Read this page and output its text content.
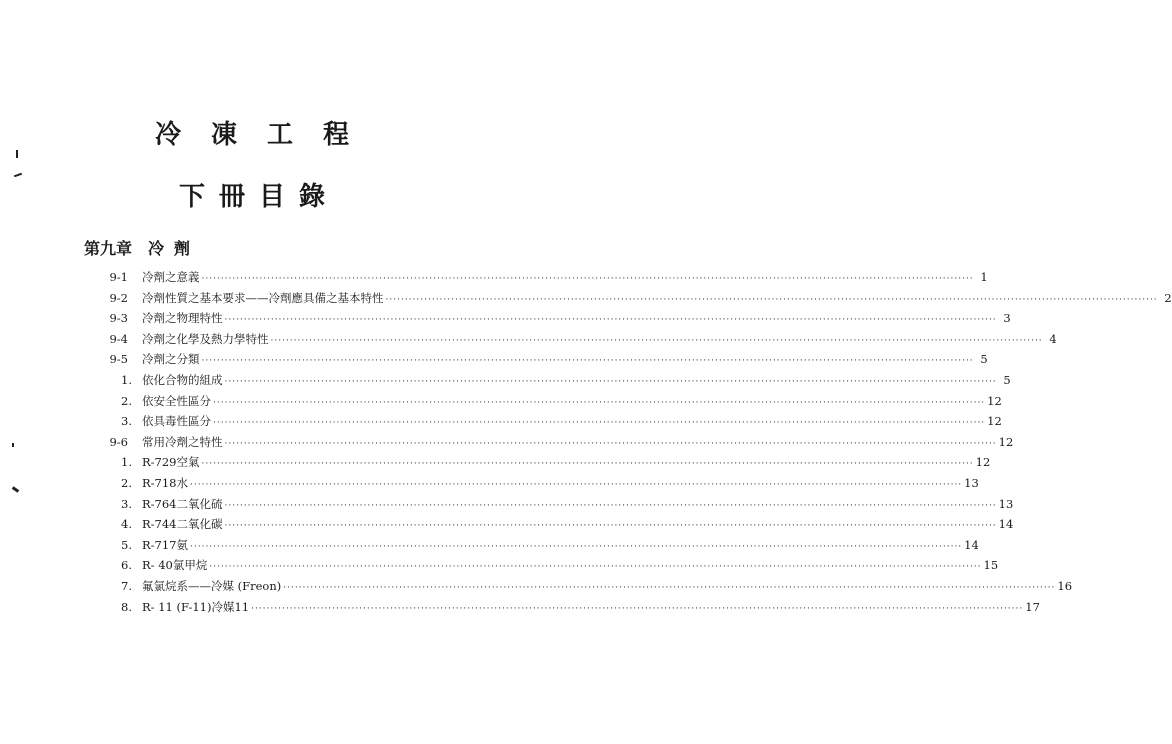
冷凍工程
下冊目錄
第九章 冷劑
9-1 冷劑之意義 ········································································································································································································ 1
9-2 冷劑性質之基本要求——冷劑應具備之基本特性 ········································································································································································································ 2
9-3 冷劑之物理特性 ········································································································································································································ 3
9-4 冷劑之化學及熱力學特性 ········································································································································································································ 4
9-5 冷劑之分類 ········································································································································································································ 5
1. 依化合物的組成 ········································································································································································································ 5
2. 依安全性區分 ········································································································································································································ 12
3. 依具毒性區分 ········································································································································································································ 12
9-6 常用冷劑之特性 ········································································································································································································ 12
1. R-729空氣 ········································································································································································································ 12
2. R-718水 ········································································································································································································ 13
3. R-764二氧化硫 ········································································································································································································ 13
4. R-744二氧化碳 ········································································································································································································ 14
5. R-717氨 ········································································································································································································ 14
6. R- 40氯甲烷 ········································································································································································································ 15
7. 氟氯烷系——冷媒 (Freon) ········································································································································································································ 16
8. R- 11 (F-11)冷媒11 ········································································································································································································ 17
